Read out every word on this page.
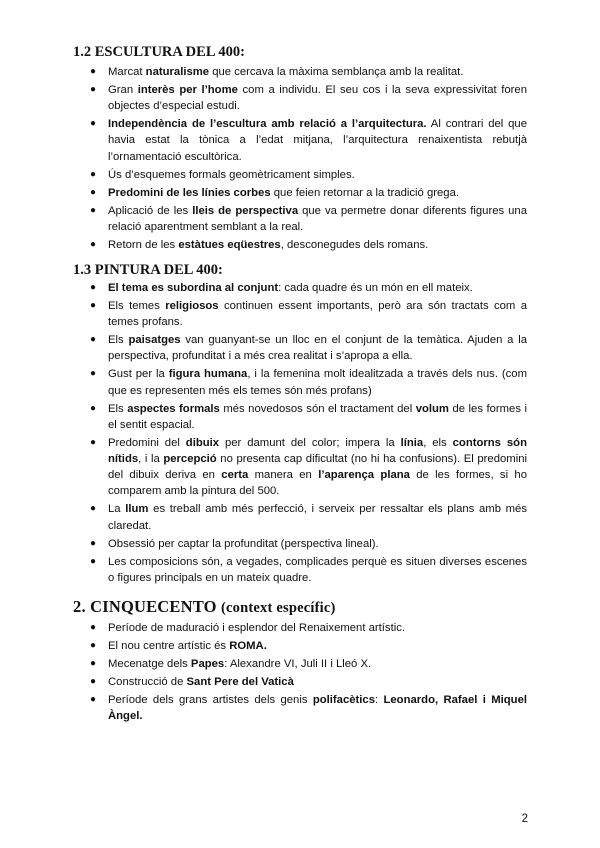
1.2 ESCULTURA DEL 400:
● Marcat naturalisme que cercava la màxima semblança amb la realitat.
● Gran interès per l’home com a individu. El seu cos i la seva expressivitat foren objectes d’especial estudi.
● Independència de l’escultura amb relació a l’arquitectura. Al contrari del que havia estat la tònica a l’edat mitjana, l’arquitectura renaixentista rebutjà l’ornamentació escultòrica.
● Ús d’esquemes formals geomètricament simples.
● Predomini de les línies corbes que feien retornar a la tradició grega.
● Aplicació de les lleis de perspectiva que va permetre donar diferents figures una relació aparentment semblant a la real.
● Retorn de les estàtues eqüestres, desconegudes dels romans.
1.3 PINTURA DEL 400:
● El tema es subordina al conjunt: cada quadre és un món en ell mateix.
● Els temes religiosos continuen essent importants, però ara són tractats com a temes profans.
● Els paisatges van guanyant-se un lloc en el conjunt de la temàtica. Ajuden a la perspectiva, profunditat i a més crea realitat i s’apropa a ella.
● Gust per la figura humana, i la femenina molt idealitzada a través dels nus. (com que es representen més els temes són més profans)
● Els aspectes formals més novedosos són el tractament del volum de les formes i el sentit espacial.
● Predomini del dibuix per damunt del color; impera la línia, els contorns són nítids, i la percepció no presenta cap dificultat (no hi ha confusions). El predomini del dibuix deriva en certa manera en l’aparença plana de les formes, si ho comparem amb la pintura del 500.
● La llum es treball amb més perfecció, i serveix per ressaltar els plans amb més claredat.
● Obsessió per captar la profunditat (perspectiva lineal).
● Les composicions són, a vegades, complicades perquè es situen diverses escenes o figures principals en un mateix quadre.
2. CINQUECENTO (context específic)
● Període de maduració i esplendor del Renaixement artístic.
● El nou centre artístic és ROMA.
● Mecenatge dels Papes: Alexandre VI, Juli II i Lleó X.
● Construcció de Sant Pere del Vaticà
● Període dels grans artistes dels genis polifacètics: Leonardo, Rafael i Miquel Àngel.
2
